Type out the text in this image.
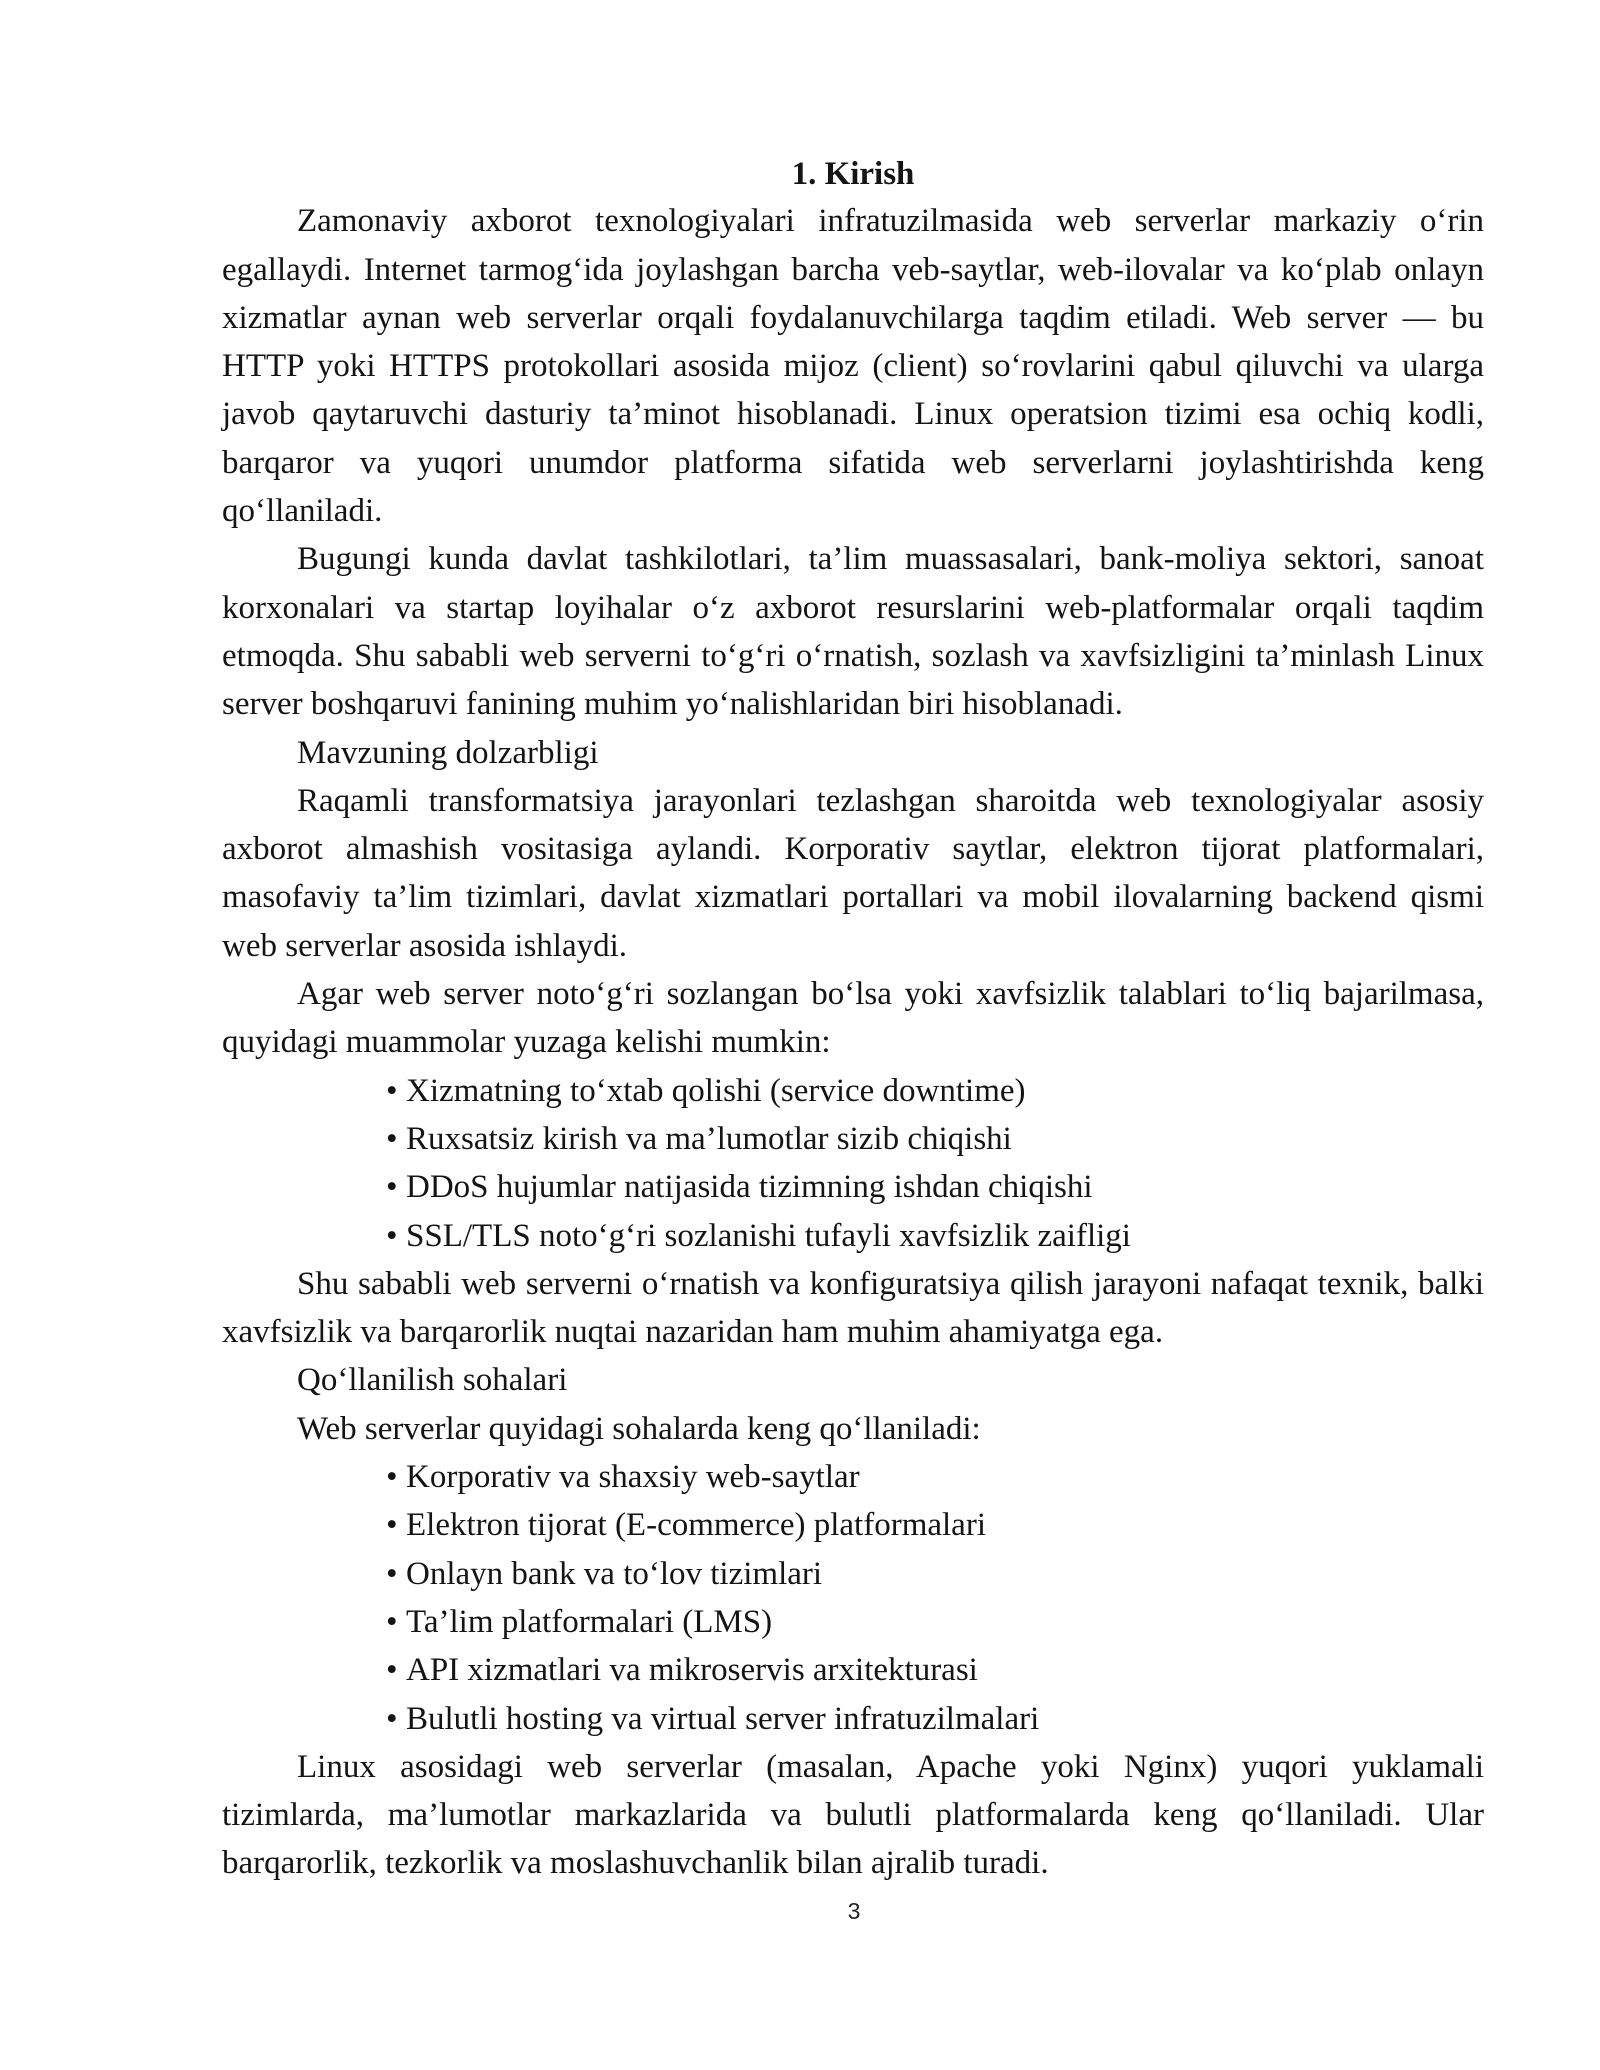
1. Kirish

Zamonaviy axborot texnologiyalari infratuzilmasida web serverlar markaziy o‘rin egallaydi. Internet tarmog‘ida joylashgan barcha veb-saytlar, web-ilovalar va ko‘plab onlayn xizmatlar aynan web serverlar orqali foydalanuvchilarga taqdim etiladi. Web server — bu HTTP yoki HTTPS protokollari asosida mijoz (client) so‘rovlarini qabul qiluvchi va ularga javob qaytaruvchi dasturiy ta’minot hisoblanadi. Linux operatsion tizimi esa ochiq kodli, barqaror va yuqori unumdor platforma sifatida web serverlarni joylashtirishda keng qo‘llaniladi.

Bugungi kunda davlat tashkilotlari, ta’lim muassasalari, bank-moliya sektori, sanoat korxonalari va startap loyihalar o‘z axborot resurslarini web-platformalar orqali taqdim etmoqda. Shu sababli web serverni to‘g‘ri o‘rnatish, sozlash va xavfsizligini ta’minlash Linux server boshqaruvi fanining muhim yo‘nalishlaridan biri hisoblanadi.

Mavzuning dolzarbligi

Raqamli transformatsiya jarayonlari tezlashgan sharoitda web texnologiyalar asosiy axborot almashish vositasiga aylandi. Korporativ saytlar, elektron tijorat platformalari, masofaviy ta’lim tizimlari, davlat xizmatlari portallari va mobil ilovalarning backend qismi web serverlar asosida ishlaydi.

Agar web server noto‘g‘ri sozlangan bo‘lsa yoki xavfsizlik talablari to‘liq bajarilmasa, quyidagi muammolar yuzaga kelishi mumkin:

• Xizmatning to‘xtab qolishi (service downtime)
• Ruxsatsiz kirish va ma’lumotlar sizib chiqishi
• DDoS hujumlar natijasida tizimning ishdan chiqishi
• SSL/TLS noto‘g‘ri sozlanishi tufayli xavfsizlik zaifligi

Shu sababli web serverni o‘rnatish va konfiguratsiya qilish jarayoni nafaqat texnik, balki xavfsizlik va barqarorlik nuqtai nazaridan ham muhim ahamiyatga ega.

Qo‘llanilish sohalari

Web serverlar quyidagi sohalarda keng qo‘llaniladi:

• Korporativ va shaxsiy web-saytlar
• Elektron tijorat (E-commerce) platformalari
• Onlayn bank va to‘lov tizimlari
• Ta’lim platformalari (LMS)
• API xizmatlari va mikroservis arxitekturasi
• Bulutli hosting va virtual server infratuzilmalari

Linux asosidagi web serverlar (masalan, Apache yoki Nginx) yuqori yuklamali tizimlarda, ma’lumotlar markazlarida va bulutli platformalarda keng qo‘llaniladi. Ular barqarorlik, tezkorlik va moslashuvchanlik bilan ajralib turadi.

3
